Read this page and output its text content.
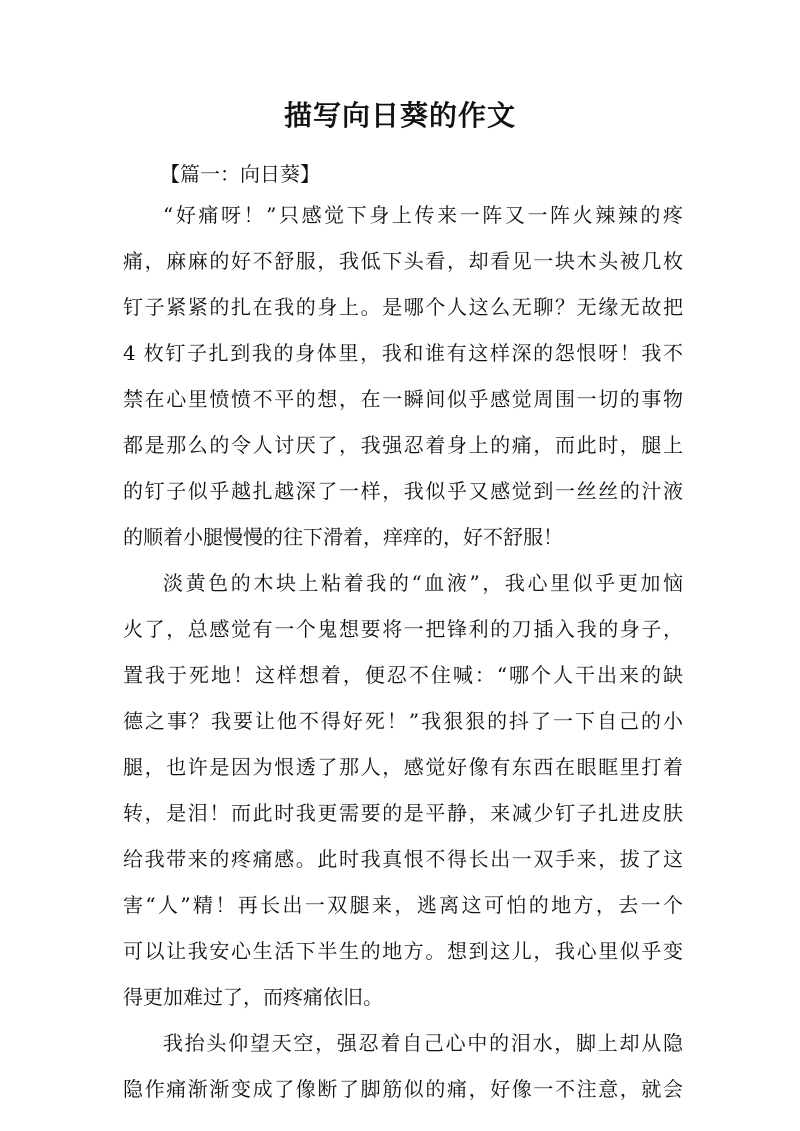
描写向日葵的作文

【篇一：向日葵】

“好痛呀！”只感觉下身上传来一阵又一阵火辣辣的疼

痛，麻麻的好不舒服，我低下头看，却看见一块木头被几枚

钉子紧紧的扎在我的身上。是哪个人这么无聊？无缘无故把

4 枚钉子扎到我的身体里，我和谁有这样深的怨恨呀！我不

禁在心里愤愤不平的想，在一瞬间似乎感觉周围一切的事物

都是那么的令人讨厌了，我强忍着身上的痛，而此时，腿上

的钉子似乎越扎越深了一样，我似乎又感觉到一丝丝的汁液

的顺着小腿慢慢的往下滑着，痒痒的，好不舒服！

淡黄色的木块上粘着我的“血液”，我心里似乎更加恼

火了，总感觉有一个鬼想要将一把锋利的刀插入我的身子，

置我于死地！这样想着，便忍不住喊：“哪个人干出来的缺

德之事？我要让他不得好死！”我狠狠的抖了一下自己的小

腿，也许是因为恨透了那人，感觉好像有东西在眼眶里打着

转，是泪！而此时我更需要的是平静，来减少钉子扎进皮肤

给我带来的疼痛感。此时我真恨不得长出一双手来，拔了这

害“人”精！再长出一双腿来，逃离这可怕的地方，去一个

可以让我安心生活下半生的地方。想到这儿，我心里似乎变

得更加难过了，而疼痛依旧。

我抬头仰望天空，强忍着自己心中的泪水，脚上却从隐

隐作痛渐渐变成了像断了脚筋似的痛，好像一不注意，就会
